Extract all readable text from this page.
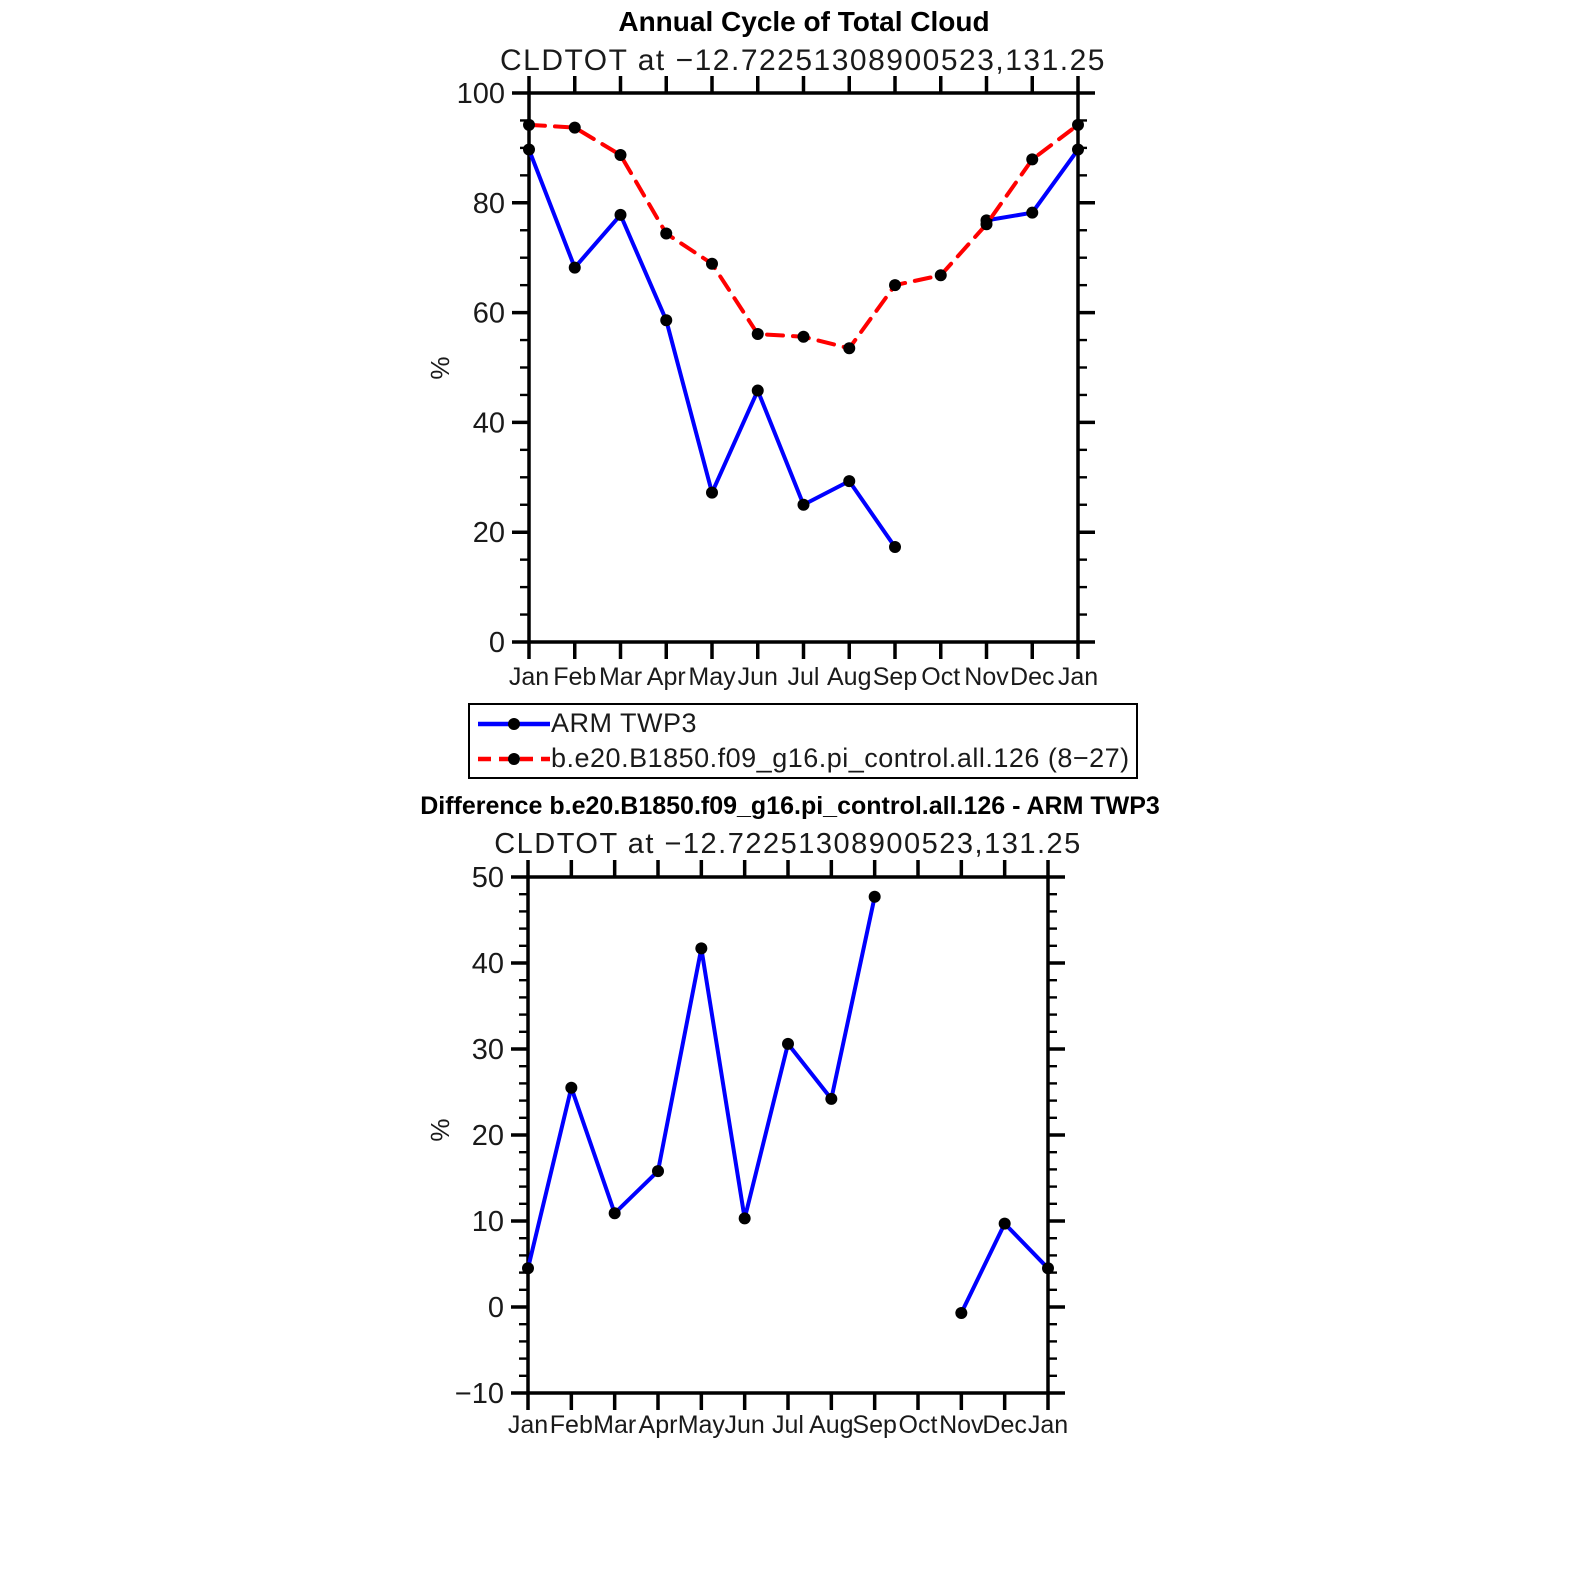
Annual Cycle of Total Cloud
CLDTOT at −12.72251308900523,131.25
%
Difference b.e20.B1850.f09_g16.pi_control.all.126 - ARM TWP3
CLDTOT at −12.72251308900523,131.25
%
0
20
40
60
80
100
Jan Feb Mar Apr May Jun Jul Aug Sep Oct Nov Dec Jan
−10
0
10
20
30
40
50
Jan Feb Mar Apr May Jun Jul Aug
Sep Oct Nov
Dec Jan
ARM TWP3
b.e20.B1850.f09_g16.pi_control.all.126 (8−27)
